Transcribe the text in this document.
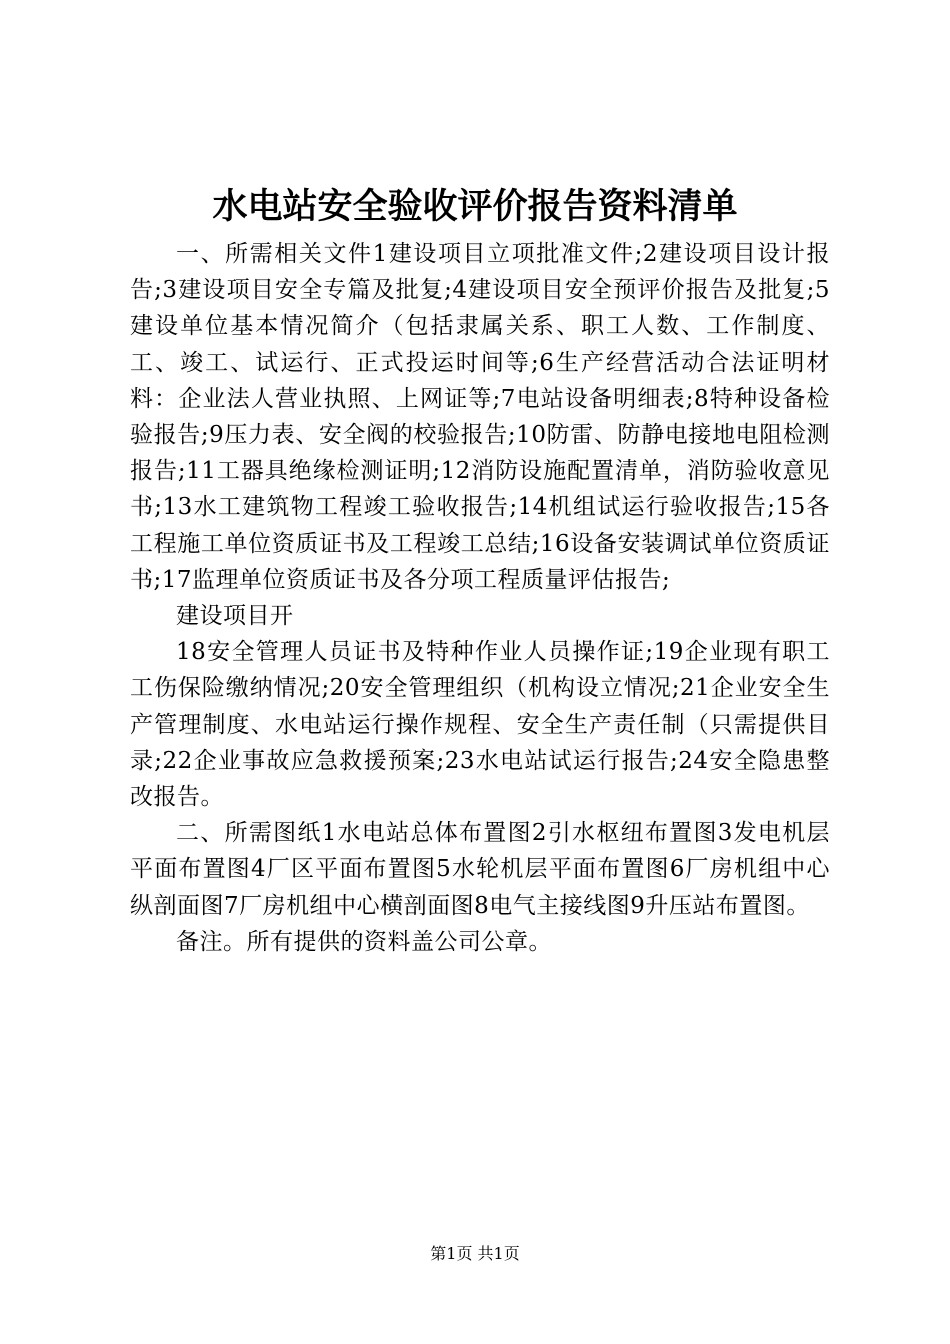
水电站安全验收评价报告资料清单

一、所需相关文件1建设项目立项批准文件;2建设项目设计报告;3建设项目安全专篇及批复;4建设项目安全预评价报告及批复;5建设单位基本情况简介（包括隶属关系、职工人数、工作制度、工、竣工、试运行、正式投运时间等;6生产经营活动合法证明材料：企业法人营业执照、上网证等;7电站设备明细表;8特种设备检验报告;9压力表、安全阀的校验报告;10防雷、防静电接地电阻检测报告;11工器具绝缘检测证明;12消防设施配置清单，消防验收意见书;13水工建筑物工程竣工验收报告;14机组试运行验收报告;15各工程施工单位资质证书及工程竣工总结;16设备安装调试单位资质证书;17监理单位资质证书及各分项工程质量评估报告;

建设项目开

18安全管理人员证书及特种作业人员操作证;19企业现有职工工伤保险缴纳情况;20安全管理组织（机构设立情况;21企业安全生产管理制度、水电站运行操作规程、安全生产责任制（只需提供目录;22企业事故应急救援预案;23水电站试运行报告;24安全隐患整改报告。

二、所需图纸1水电站总体布置图2引水枢纽布置图3发电机层平面布置图4厂区平面布置图5水轮机层平面布置图6厂房机组中心纵剖面图7厂房机组中心横剖面图8电气主接线图9升压站布置图。

备注。所有提供的资料盖公司公章。

第1页 共1页
